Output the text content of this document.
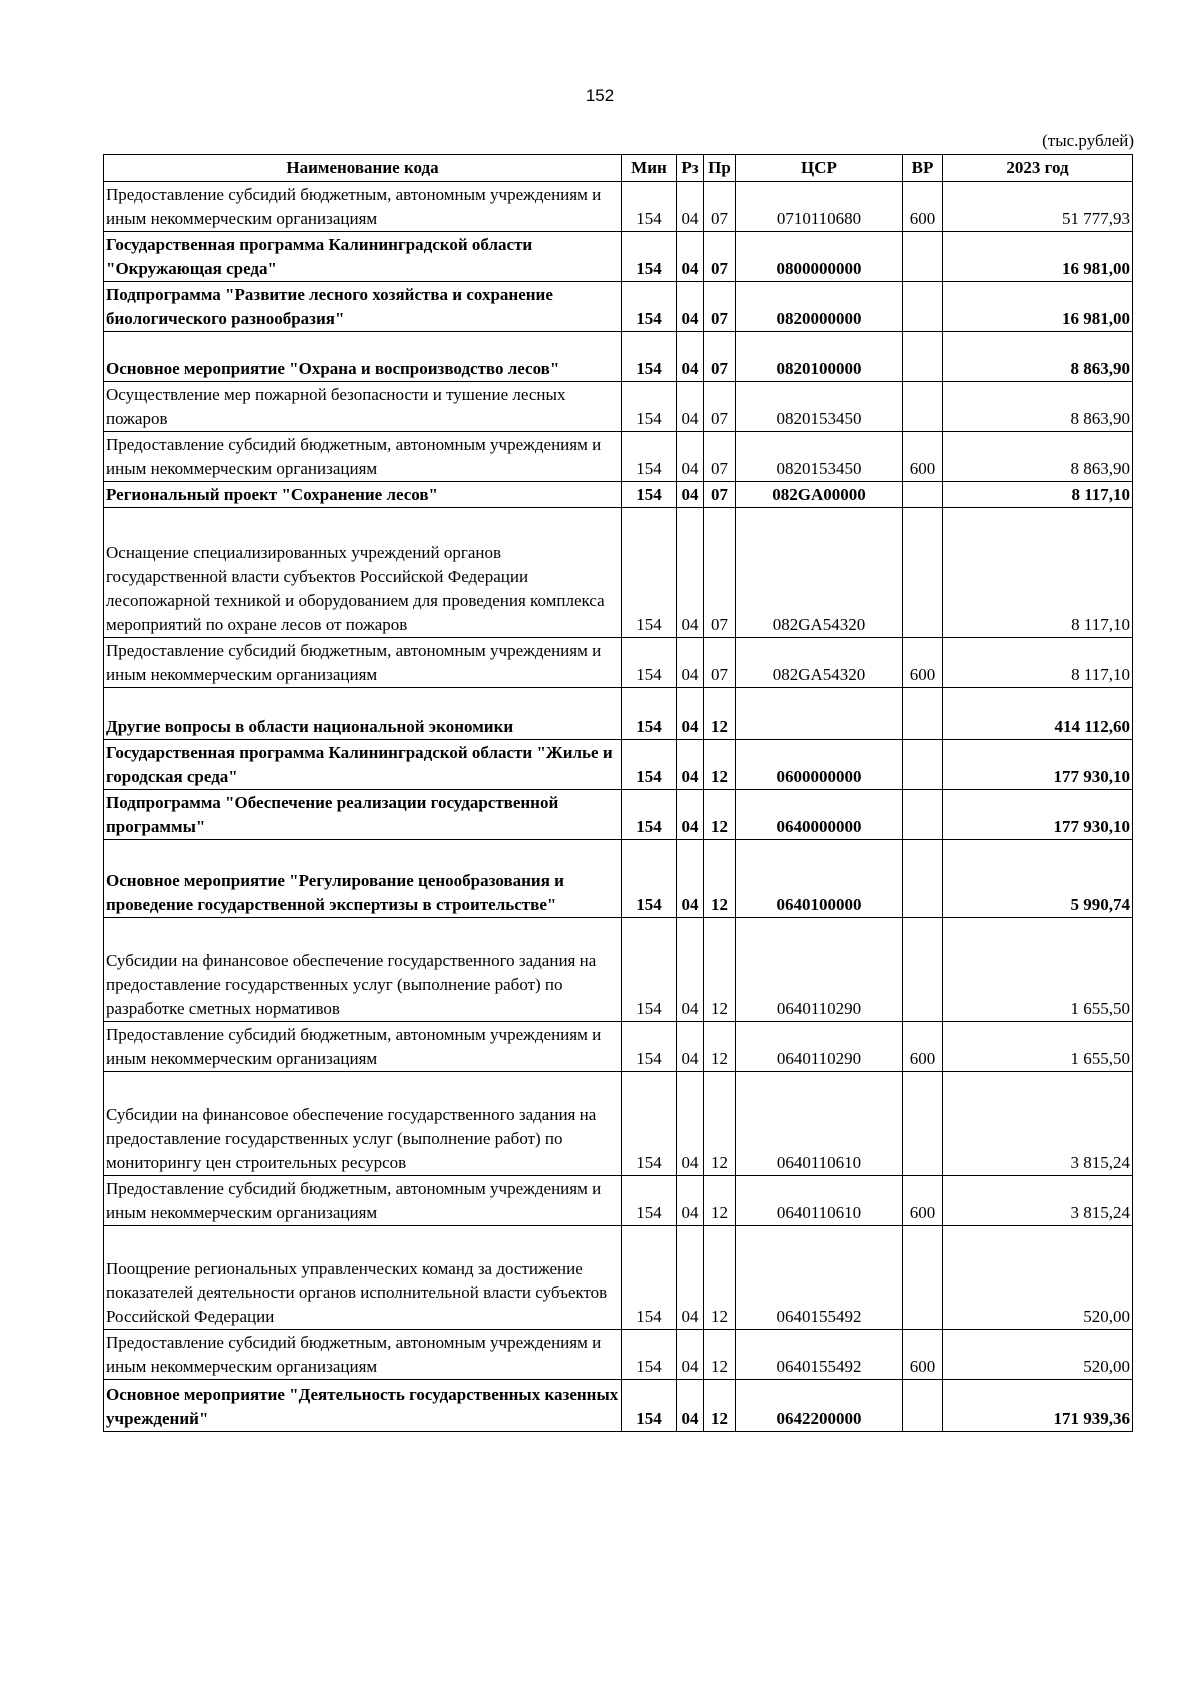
152
(тыс.рублей)
Наименование кода	Мин	Рз	Пр	ЦСР	ВР	2023 год
Предоставление субсидий бюджетным, автономным учреждениям и иным некоммерческим организациям	154	04	07	0710110680	600	51 777,93
Государственная программа Калининградской области "Окружающая среда"	154	04	07	0800000000		16 981,00
Подпрограмма "Развитие лесного хозяйства и сохранение биологического разнообразия"	154	04	07	0820000000		16 981,00
Основное мероприятие "Охрана и воспроизводство лесов"	154	04	07	0820100000		8 863,90
Осуществление мер пожарной безопасности и тушение лесных пожаров	154	04	07	0820153450		8 863,90
Предоставление субсидий бюджетным, автономным учреждениям и иным некоммерческим организациям	154	04	07	0820153450	600	8 863,90
Региональный проект "Сохранение лесов"	154	04	07	082GA00000		8 117,10
Оснащение специализированных учреждений органов государственной власти субъектов Российской Федерации лесопожарной техникой и оборудованием для проведения комплекса мероприятий по охране лесов от пожаров	154	04	07	082GA54320		8 117,10
Предоставление субсидий бюджетным, автономным учреждениям и иным некоммерческим организациям	154	04	07	082GA54320	600	8 117,10
Другие вопросы в области национальной экономики	154	04	12			414 112,60
Государственная программа Калининградской области "Жилье и городская среда"	154	04	12	0600000000		177 930,10
Подпрограмма "Обеспечение реализации государственной программы"	154	04	12	0640000000		177 930,10
Основное мероприятие "Регулирование ценообразования и проведение государственной экспертизы в строительстве"	154	04	12	0640100000		5 990,74
Субсидии на финансовое обеспечение государственного задания на предоставление государственных услуг (выполнение работ) по разработке сметных нормативов	154	04	12	0640110290		1 655,50
Предоставление субсидий бюджетным, автономным учреждениям и иным некоммерческим организациям	154	04	12	0640110290	600	1 655,50
Субсидии на финансовое обеспечение государственного задания на предоставление государственных услуг (выполнение работ) по мониторингу цен строительных ресурсов	154	04	12	0640110610		3 815,24
Предоставление субсидий бюджетным, автономным учреждениям и иным некоммерческим организациям	154	04	12	0640110610	600	3 815,24
Поощрение региональных управленческих команд за достижение показателей деятельности органов исполнительной власти субъектов Российской Федерации	154	04	12	0640155492		520,00
Предоставление субсидий бюджетным, автономным учреждениям и иным некоммерческим организациям	154	04	12	0640155492	600	520,00
Основное мероприятие "Деятельность государственных казенных учреждений"	154	04	12	0642200000		171 939,36
